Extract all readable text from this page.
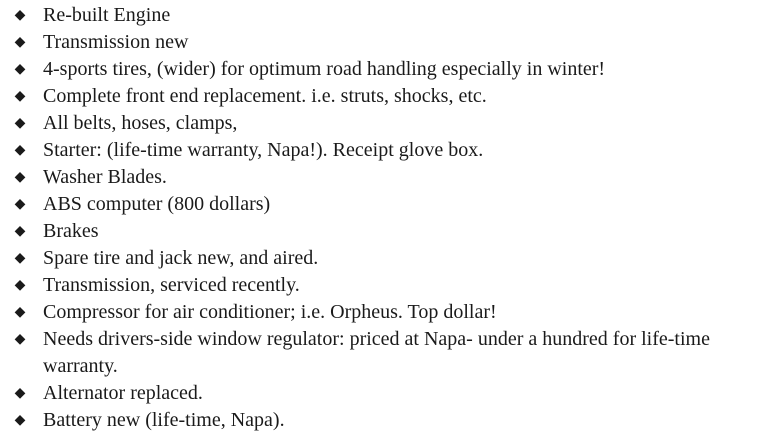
◆ Re-built Engine
◆ Transmission new
◆ 4-sports tires, (wider) for optimum road handling especially in winter!
◆ Complete front end replacement. i.e. struts, shocks, etc.
◆ All belts, hoses, clamps,
◆ Starter: (life-time warranty, Napa!). Receipt glove box.
◆ Washer Blades.
◆ ABS computer (800 dollars)
◆ Brakes
◆ Spare tire and jack new, and aired.
◆ Transmission, serviced recently.
◆ Compressor for air conditioner; i.e. Orpheus. Top dollar!
◆ Needs drivers-side window regulator: priced at Napa- under a hundred for life-time warranty.
◆ Alternator replaced.
◆ Battery new (life-time, Napa).
